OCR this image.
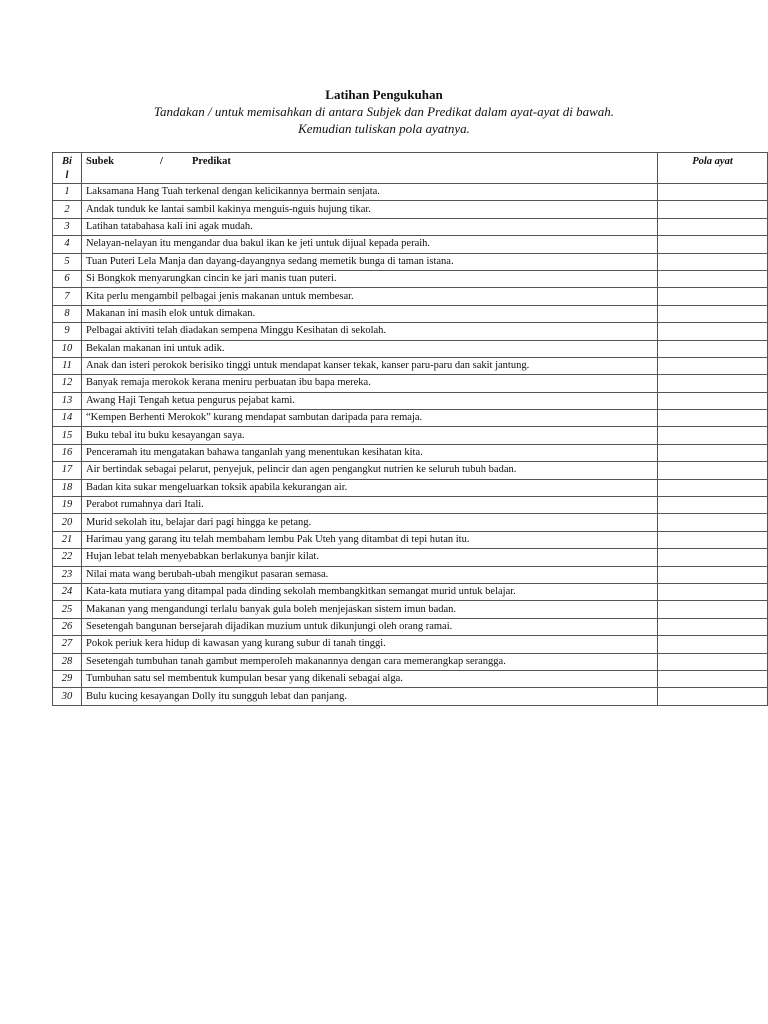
Latihan Pengukuhan
Tandakan / untuk memisahkan di antara Subjek dan Predikat dalam ayat-ayat di bawah.
Kemudian tuliskan pola ayatnya.
Bi
l	Subek / Predikat	Pola ayat
1	Laksamana Hang Tuah terkenal dengan kelicikannya bermain senjata.	
2	Andak tunduk ke lantai sambil kakinya menguis-nguis hujung tikar.	
3	Latihan tatabahasa kali ini agak mudah.	
4	Nelayan-nelayan itu mengandar dua bakul ikan ke jeti untuk dijual kepada peraih.	
5	Tuan Puteri Lela Manja dan dayang-dayangnya sedang memetik bunga di taman istana.	
6	Si Bongkok menyarungkan cincin ke jari manis tuan puteri.	
7	Kita perlu mengambil pelbagai jenis makanan untuk membesar.	
8	Makanan ini masih elok untuk dimakan.	
9	Pelbagai aktiviti telah diadakan sempena Minggu Kesihatan di sekolah.	
10	Bekalan makanan ini untuk adik.	
11	Anak dan isteri perokok berisiko tinggi untuk mendapat kanser tekak, kanser paru-paru dan sakit jantung.	
12	Banyak remaja merokok kerana meniru perbuatan ibu bapa mereka.	
13	Awang Haji Tengah ketua pengurus pejabat kami.	
14	“Kempen Berhenti Merokok” kurang mendapat sambutan daripada para remaja.	
15	Buku tebal itu buku kesayangan saya.	
16	Penceramah itu mengatakan bahawa tanganlah yang menentukan kesihatan kita.	
17	Air bertindak sebagai pelarut, penyejuk, pelincir dan agen pengangkut nutrien ke seluruh tubuh badan.	
18	Badan kita sukar mengeluarkan toksik apabila kekurangan air.	
19	Perabot rumahnya dari Itali.	
20	Murid sekolah itu, belajar dari pagi hingga ke petang.	
21	Harimau yang garang itu telah membaham lembu Pak Uteh yang ditambat di tepi hutan itu.	
22	Hujan lebat telah menyebabkan berlakunya banjir kilat.	
23	Nilai mata wang berubah-ubah mengikut pasaran semasa.	
24	Kata-kata mutiara yang ditampal pada dinding sekolah membangkitkan semangat murid untuk belajar.	
25	Makanan yang mengandungi terlalu banyak gula boleh menjejaskan sistem imun badan.	
26	Sesetengah bangunan bersejarah dijadikan muzium untuk dikunjungi oleh orang ramai.	
27	Pokok periuk kera hidup di kawasan yang kurang subur di tanah tinggi.	
28	Sesetengah tumbuhan tanah gambut memperoleh makanannya dengan cara memerangkap serangga.	
29	Tumbuhan satu sel membentuk kumpulan besar yang dikenali sebagai alga.	
30	Bulu kucing kesayangan Dolly itu sungguh lebat dan panjang.	
